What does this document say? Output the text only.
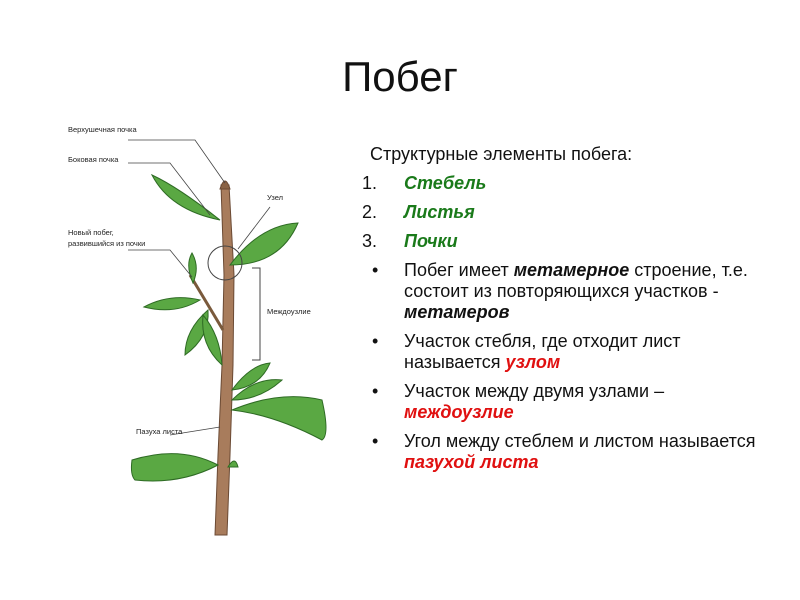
Побег
Верхушечная почка
Боковая почка
Новый побег,
развившийся из почки
Узел
Междоузлие
Пазуха листа
Структурные элементы побега:
1. Стебель
2. Листья
3. Почки
• Побег имеет метамерное строение, т.е. состоит из повторяющихся участков - метамеров
• Участок стебля, где отходит лист называется узлом
• Участок между двумя узлами – междоузлие
• Угол между стеблем и листом называется пазухой листа
